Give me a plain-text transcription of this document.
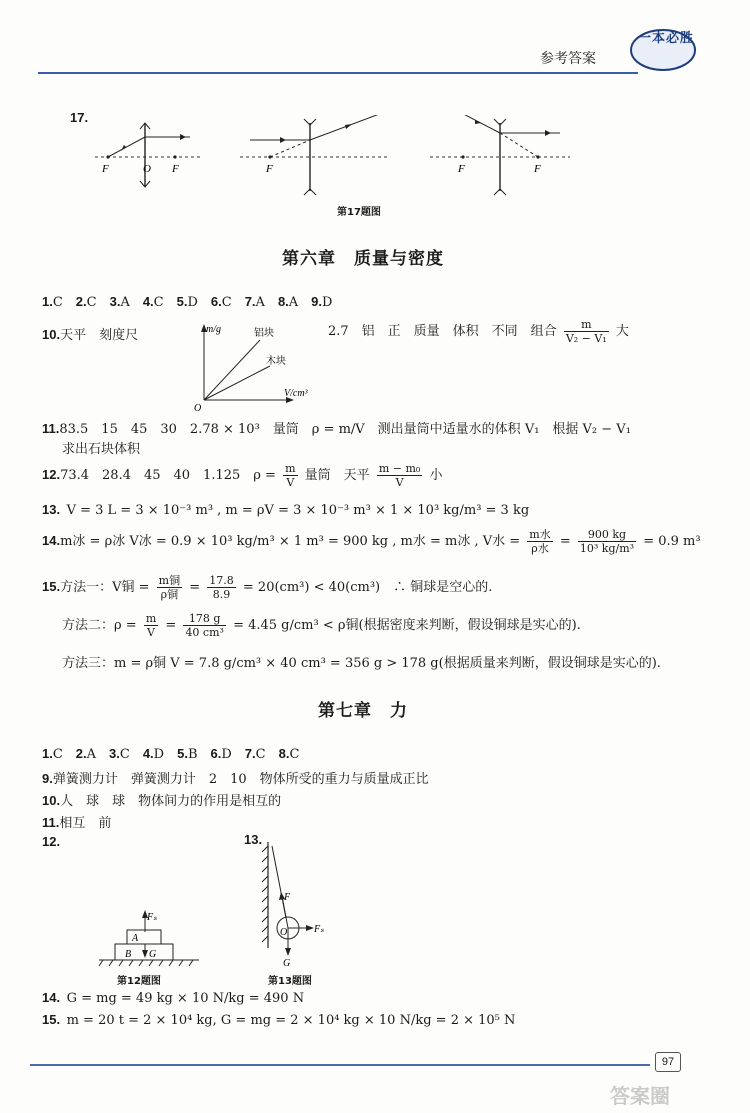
参考答案
一本必胜
17.
F	O F	F	F	F
第17题图
第六章　质量与密度
1.C  2.C  3.A  4.C  5.D  6.C  7.A  8.A  9.D
10.天平　刻度尺	m/g
V/cm³
O
铝块
木块
2.7　铝　正　质量　体积　不同　组合 $\frac{m}{\text{V₂ − V₁}}$ 大
11.83.5　15　45　30　2.78 × 10³　量筒　ρ = m/V　测出量筒中适量水的体积 V₁　根据 V₂ − V₁
求出石块体积
12.73.4　28.4　45　40　1.125　$\rho = \frac{m}{V}$ 量筒　天平 $\frac{\text{m − m₀}}{V}$ 小
13.  V = 3 L = 3 × 10⁻³ m³ , m = ρV = 3 × 10⁻³ m³ × 1 × 10³ kg/m³ = 3 kg
14.m冰 = ρ冰 V冰 = 0.9 × 10³ kg/m³ × 1 m³ = 900 kg , m水 = m冰 , V水 = $\frac{\text{m水}}{\text{ρ水}} = \frac{900 kg}{\text{10³ kg/m³}} = 0.9$ m³
15.方法一：V铜 = $\frac{\text{m铜}}{\text{ρ铜}} = \frac{17.8}{8.9} = 20(cm^3) < 40(cm^3)$　∴ 铜球是空心的.
方法二：$\rho = \frac{m}{V} = \frac{178 g}{\text{40 cm³}} = 4.45$ g/cm³ < ρ铜(根据密度来判断，假设铜球是实心的).
方法三：m = ρ铜 V = 7.8 g/cm³ × 40 cm³ = 356 g > 178 g(根据质量来判断，假设铜球是实心的).
第七章　力
1.C  2.A  3.C  4.D  5.B  6.D  7.C  8.C
9.弹簧测力计　弹簧测力计　2　10　物体所受的重力与质量成正比
10.人　球　球　物体间力的作用是相互的
11.相互　前
12.
Fₛ
A
B G
第12题图
13.
F
Fₛ
O
G
第13题图
14.  G = mg = 49 kg × 10 N/kg = 490 N
15.  m = 20 t = 2 × 10⁴ kg, G = mg = 2 × 10⁴ kg × 10 N/kg = 2 × 10⁵ N
97
答案圈
